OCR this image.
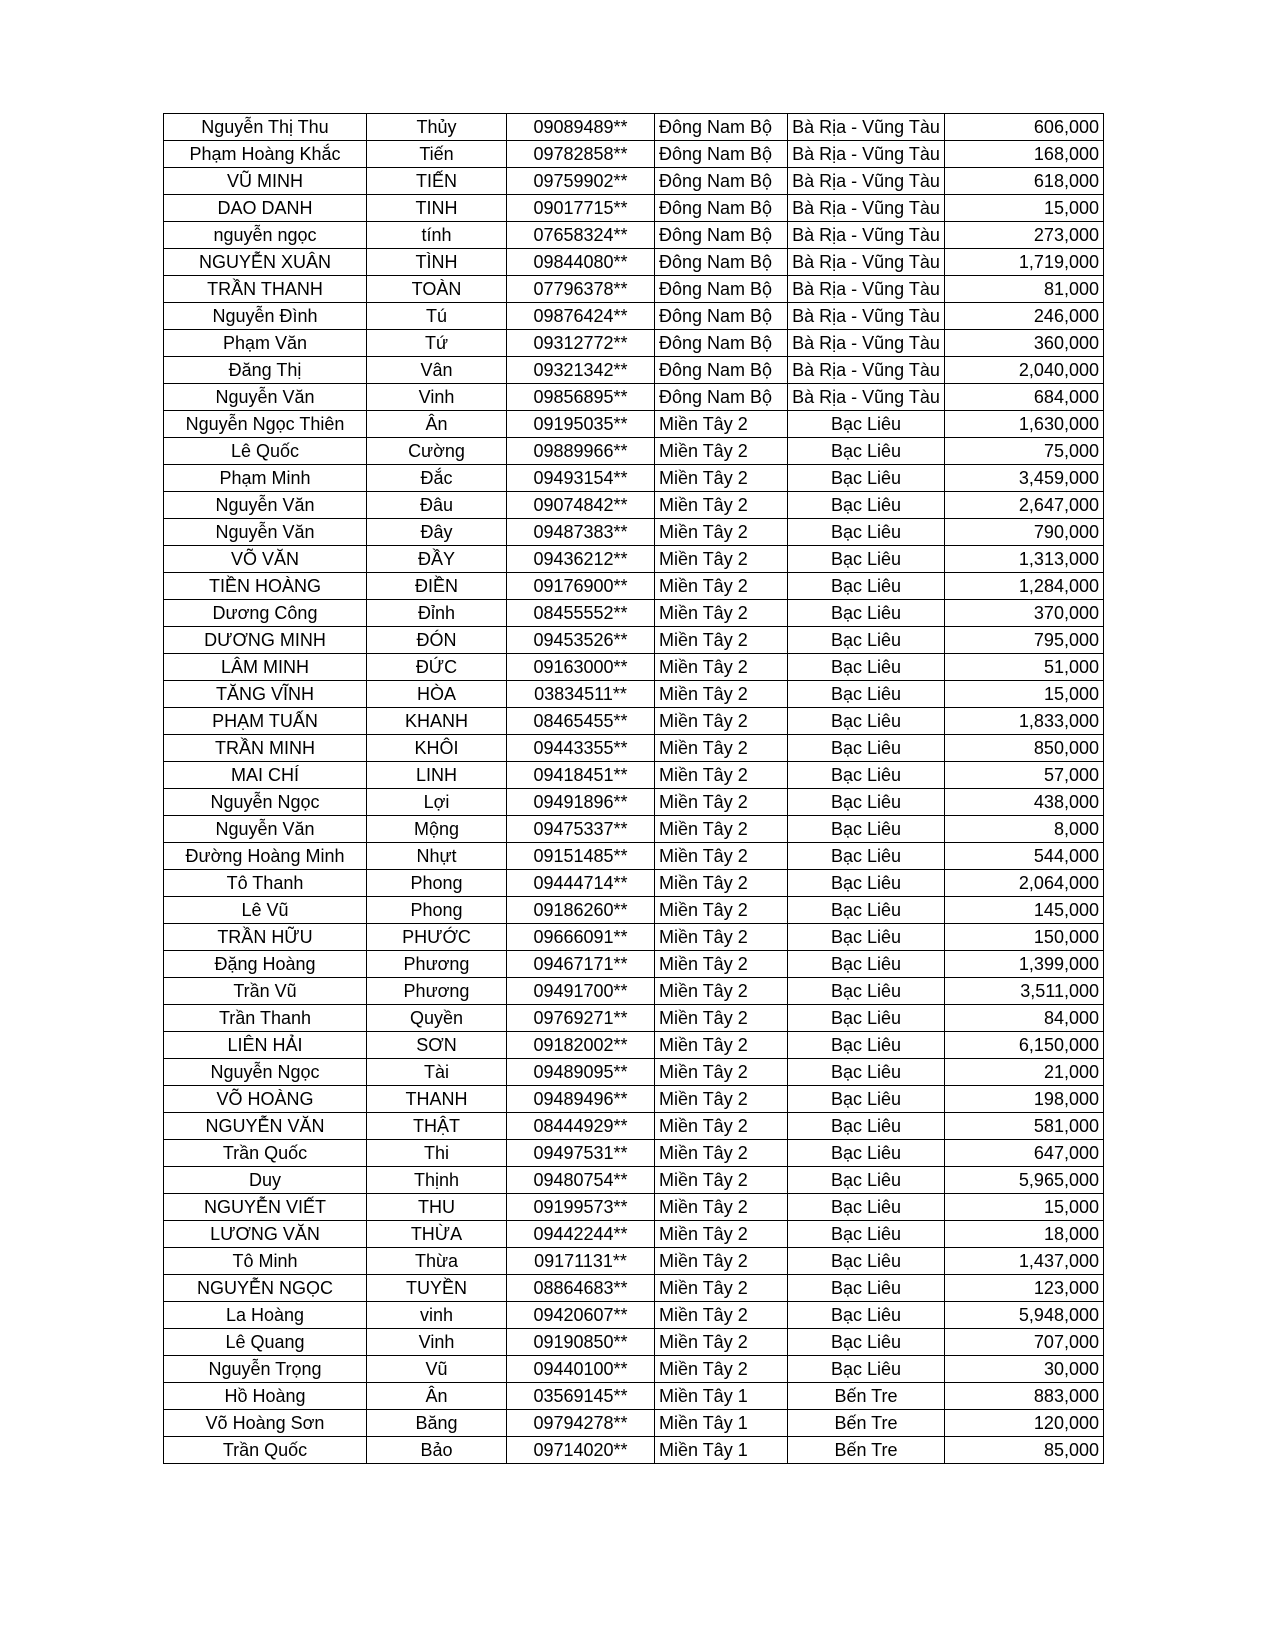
Nguyễn Thị Thu	Thủy	09089489**	Đông Nam Bộ	Bà Rịa - Vũng Tàu	606,000
Phạm Hoàng Khắc	Tiến	09782858**	Đông Nam Bộ	Bà Rịa - Vũng Tàu	168,000
VŨ MINH	TIẾN	09759902**	Đông Nam Bộ	Bà Rịa - Vũng Tàu	618,000
DAO DANH	TINH	09017715**	Đông Nam Bộ	Bà Rịa - Vũng Tàu	15,000
nguyễn ngọc	tính	07658324**	Đông Nam Bộ	Bà Rịa - Vũng Tàu	273,000
NGUYỄN XUÂN	TÌNH	09844080**	Đông Nam Bộ	Bà Rịa - Vũng Tàu	1,719,000
TRẦN THANH	TOÀN	07796378**	Đông Nam Bộ	Bà Rịa - Vũng Tàu	81,000
Nguyễn Đình	Tú	09876424**	Đông Nam Bộ	Bà Rịa - Vũng Tàu	246,000
Phạm Văn	Tứ	09312772**	Đông Nam Bộ	Bà Rịa - Vũng Tàu	360,000
Đăng Thị	Vân	09321342**	Đông Nam Bộ	Bà Rịa - Vũng Tàu	2,040,000
Nguyễn Văn	Vinh	09856895**	Đông Nam Bộ	Bà Rịa - Vũng Tàu	684,000
Nguyễn Ngọc Thiên	Ân	09195035**	Miền Tây 2	Bạc Liêu	1,630,000
Lê Quốc	Cường	09889966**	Miền Tây 2	Bạc Liêu	75,000
Phạm Minh	Đắc	09493154**	Miền Tây 2	Bạc Liêu	3,459,000
Nguyễn Văn	Đâu	09074842**	Miền Tây 2	Bạc Liêu	2,647,000
Nguyễn Văn	Đây	09487383**	Miền Tây 2	Bạc Liêu	790,000
VÕ VĂN	ĐẦY	09436212**	Miền Tây 2	Bạc Liêu	1,313,000
TIỀN HOÀNG	ĐIỀN	09176900**	Miền Tây 2	Bạc Liêu	1,284,000
Dương Công	Đỉnh	08455552**	Miền Tây 2	Bạc Liêu	370,000
DƯƠNG MINH	ĐÓN	09453526**	Miền Tây 2	Bạc Liêu	795,000
LÂM MINH	ĐỨC	09163000**	Miền Tây 2	Bạc Liêu	51,000
TĂNG VĨNH	HÒA	03834511**	Miền Tây 2	Bạc Liêu	15,000
PHẠM TUẤN	KHANH	08465455**	Miền Tây 2	Bạc Liêu	1,833,000
TRẦN MINH	KHÔI	09443355**	Miền Tây 2	Bạc Liêu	850,000
MAI CHÍ	LINH	09418451**	Miền Tây 2	Bạc Liêu	57,000
Nguyễn Ngọc	Lợi	09491896**	Miền Tây 2	Bạc Liêu	438,000
Nguyễn Văn	Mộng	09475337**	Miền Tây 2	Bạc Liêu	8,000
Đường Hoàng Minh	Nhựt	09151485**	Miền Tây 2	Bạc Liêu	544,000
Tô Thanh	Phong	09444714**	Miền Tây 2	Bạc Liêu	2,064,000
Lê Vũ	Phong	09186260**	Miền Tây 2	Bạc Liêu	145,000
TRẦN HỮU	PHƯỚC	09666091**	Miền Tây 2	Bạc Liêu	150,000
Đặng Hoàng	Phương	09467171**	Miền Tây 2	Bạc Liêu	1,399,000
Trần Vũ	Phương	09491700**	Miền Tây 2	Bạc Liêu	3,511,000
Trần Thanh	Quyền	09769271**	Miền Tây 2	Bạc Liêu	84,000
LIÊN HẢI	SƠN	09182002**	Miền Tây 2	Bạc Liêu	6,150,000
Nguyễn Ngọc	Tài	09489095**	Miền Tây 2	Bạc Liêu	21,000
VÕ HOÀNG	THANH	09489496**	Miền Tây 2	Bạc Liêu	198,000
NGUYỄN VĂN	THẬT	08444929**	Miền Tây 2	Bạc Liêu	581,000
Trần Quốc	Thi	09497531**	Miền Tây 2	Bạc Liêu	647,000
Duy	Thịnh	09480754**	Miền Tây 2	Bạc Liêu	5,965,000
NGUYỄN VIẾT	THU	09199573**	Miền Tây 2	Bạc Liêu	15,000
LƯƠNG VĂN	THỪA	09442244**	Miền Tây 2	Bạc Liêu	18,000
Tô Minh	Thừa	09171131**	Miền Tây 2	Bạc Liêu	1,437,000
NGUYỄN NGỌC	TUYỀN	08864683**	Miền Tây 2	Bạc Liêu	123,000
La Hoàng	vinh	09420607**	Miền Tây 2	Bạc Liêu	5,948,000
Lê Quang	Vinh	09190850**	Miền Tây 2	Bạc Liêu	707,000
Nguyễn Trọng	Vũ	09440100**	Miền Tây 2	Bạc Liêu	30,000
Hồ Hoàng	Ân	03569145**	Miền Tây 1	Bến Tre	883,000
Võ Hoàng Sơn	Băng	09794278**	Miền Tây 1	Bến Tre	120,000
Trần Quốc	Bảo	09714020**	Miền Tây 1	Bến Tre	85,000
